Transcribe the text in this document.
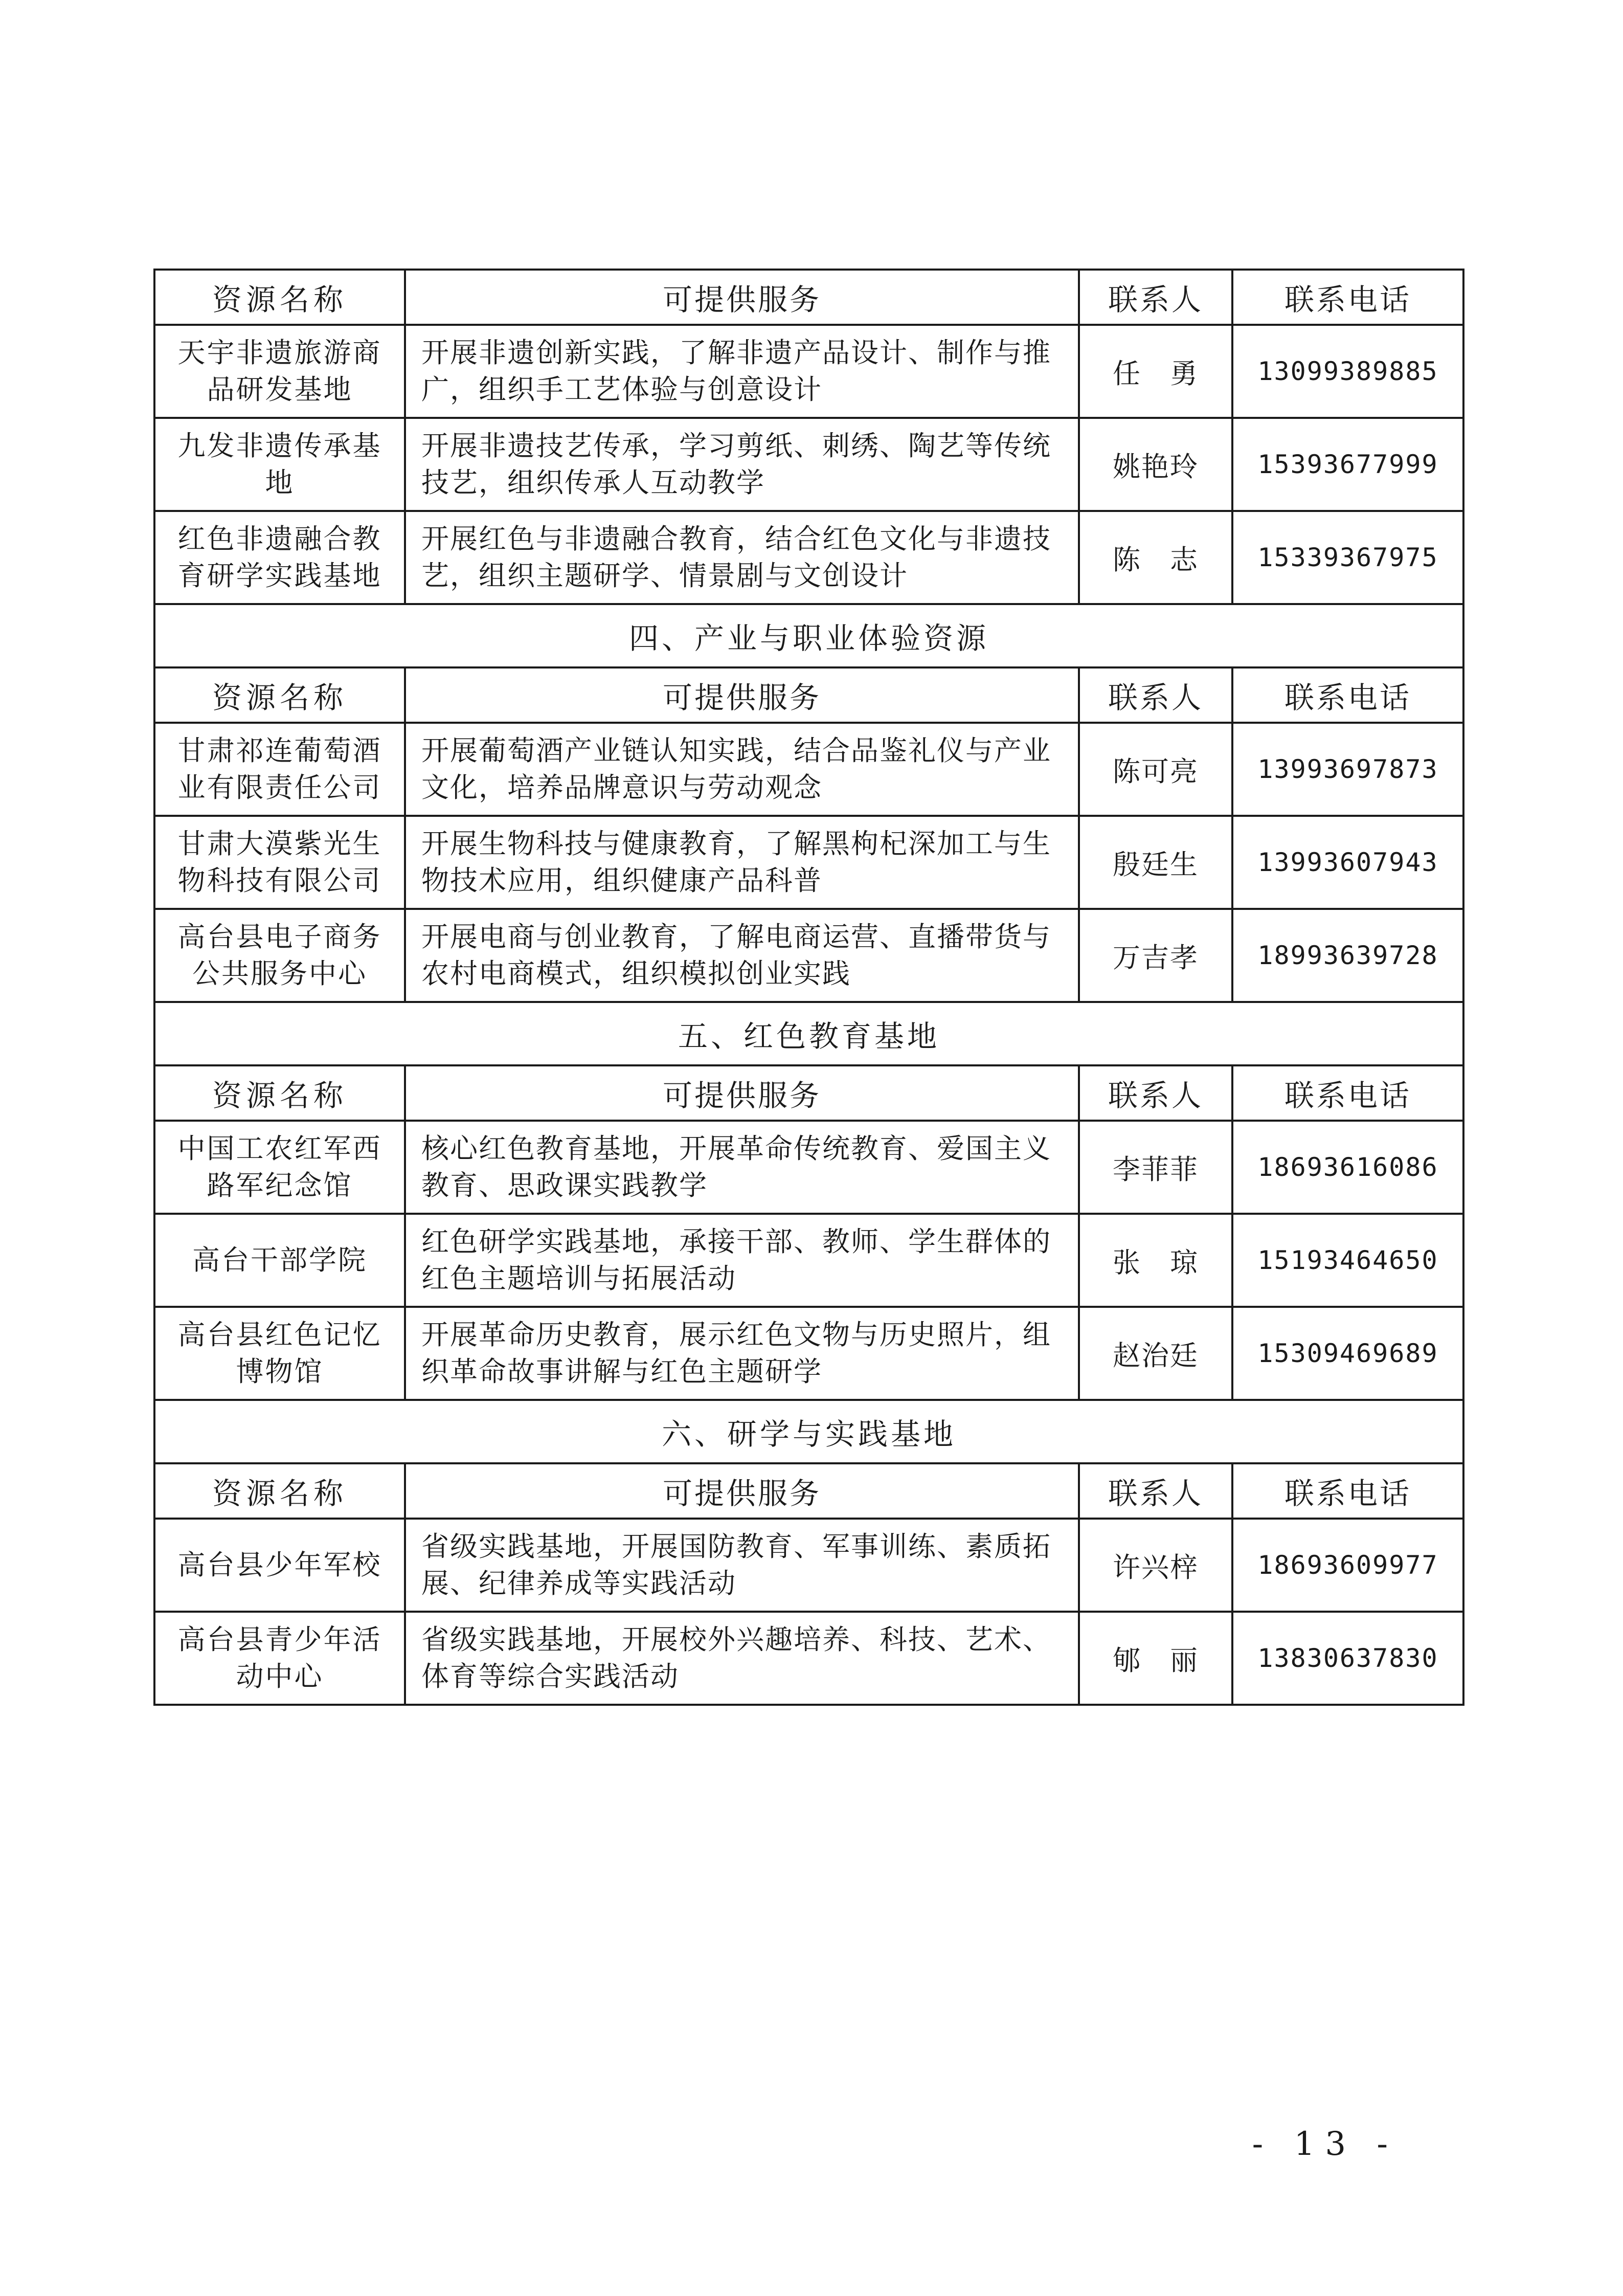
资源名称	可提供服务	联系人	联系电话
天宇非遗旅游商品研发基地	开展非遗创新实践，了解非遗产品设计、制作与推广，组织手工艺体验与创意设计	任　勇	13099389885
九发非遗传承基地	开展非遗技艺传承，学习剪纸、刺绣、陶艺等传统技艺，组织传承人互动教学	姚艳玲	15393677999
红色非遗融合教育研学实践基地	开展红色与非遗融合教育，结合红色文化与非遗技艺，组织主题研学、情景剧与文创设计	陈　志	15339367975
四、产业与职业体验资源			
资源名称	可提供服务	联系人	联系电话
甘肃祁连葡萄酒业有限责任公司	开展葡萄酒产业链认知实践，结合品鉴礼仪与产业文化，培养品牌意识与劳动观念	陈可亮	13993697873
甘肃大漠紫光生物科技有限公司	开展生物科技与健康教育，了解黑枸杞深加工与生物技术应用，组织健康产品科普	殷廷生	13993607943
高台县电子商务公共服务中心	开展电商与创业教育，了解电商运营、直播带货与农村电商模式，组织模拟创业实践	万吉孝	18993639728
五、红色教育基地			
资源名称	可提供服务	联系人	联系电话
中国工农红军西路军纪念馆	核心红色教育基地，开展革命传统教育、爱国主义教育、思政课实践教学	李菲菲	18693616086
高台干部学院	红色研学实践基地，承接干部、教师、学生群体的红色主题培训与拓展活动	张　琼	15193464650
高台县红色记忆博物馆	开展革命历史教育，展示红色文物与历史照片，组织革命故事讲解与红色主题研学	赵治廷	15309469689
六、研学与实践基地			
资源名称	可提供服务	联系人	联系电话
高台县少年军校	省级实践基地，开展国防教育、军事训练、素质拓展、纪律养成等实践活动	许兴梓	18693609977
高台县青少年活动中心	省级实践基地，开展校外兴趣培养、科技、艺术、体育等综合实践活动	郇　丽	13830637830
- 13 -
